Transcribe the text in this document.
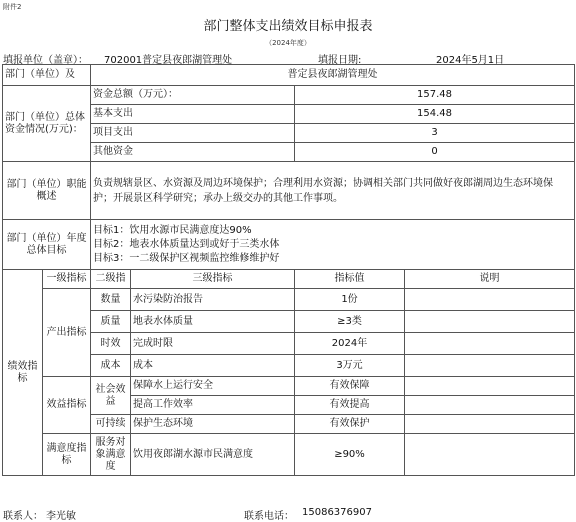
附件2
部门整体支出绩效目标申报表
（2024年度）
填报单位（盖章）： 702001普定县夜郎湖管理处	填报日期:	2024年5月1日
部门（单位）及		普定县夜郎湖管理处			
部门（单位）总体资金情况(万元)：		资金总额（万元）：		157.48	
		基本支出		154.48	
		项目支出		3	
		其他资金		0	
部门（单位）职能概述		负责规辖景区、水资源及周边环境保护；合理利用水资源；协调相关部门共同做好夜郎湖周边生态环境保护；开展景区科学研究；承办上级交办的其他工作事项。			
部门（单位）年度总体目标		目标1：饮用水源市民满意度达90%
目标2：地表水体质量达到或好于三类水体
目标3：一二级保护区视频监控维修维护好			

绩效指标	一级指标	二级指	三级指标	指标值	说明
	产出指标	数量	水污染防治报告	1份	
		质量	地表水体质量	≥3类	
		时效	完成时限	2024年	
		成本	成本	3万元	
	效益指标	社会效益	保障水上运行安全	有效保障	
			提高工作效率	有效提高	
		可持续	保护生态环境	有效保护	
	满意度指标	服务对象满意度	饮用夜郎湖水源市民满意度	≥90%	
联系人： 李光敏	联系电话： 15086376907
